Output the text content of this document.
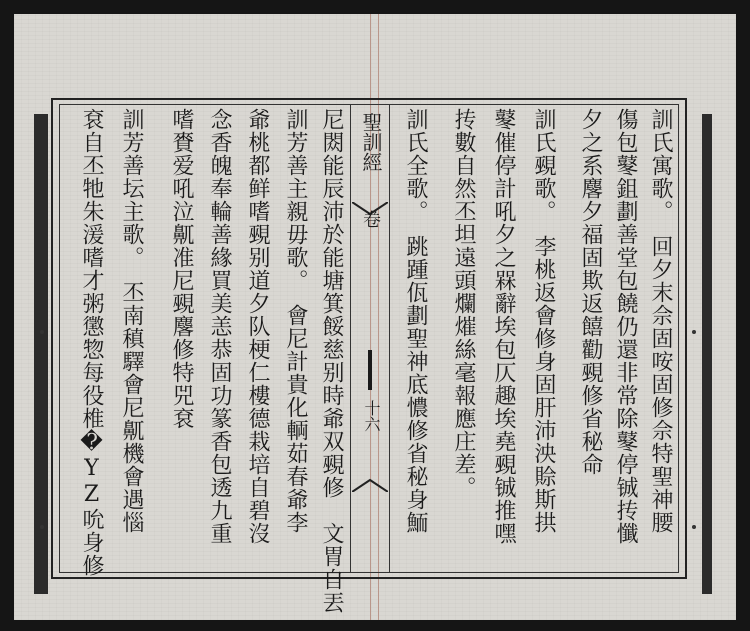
聖訓經
卷
十六	訓氏寓歌。　回夕末佘固咹固修佘特聖神腰
傷包鼕鉏劃善堂包饒仍還非常除鼕停铖抟懺
夕之系麐夕福固欺返饎勸覡修省秘命
訓氏覡歌。　李桃返會修身固肝沛泱賒斯拱
鼕催停計吼夕之槑辭埃包仄趣埃堯覡铖推嘿
抟數自然丕坦遠頭爛熣絲毫報應庄差。
訓氏全歌。　跳踵佤劃聖神底憹修省秘身鮞
尼閦能辰沛於能塘箕餒慈别時爺双覡修　文胃自丟
訓芳善主親毋歌。　會尼計貴化輌茹春爺李
爺桃都鲜嗜覡别道夕队梗仁樓德栽培自碧沒
念香魄奉輪善緣買美恙恭固功篆香包透九重
嗜賚爱吼泣鼿准尼覡麐修特兕袞
訓芳善坛主歌。　丕南稹驛會尼鼿機會遇惱
袞自丕牠朱湲嗜才粥懲惣每役椎�YZ吮身修
